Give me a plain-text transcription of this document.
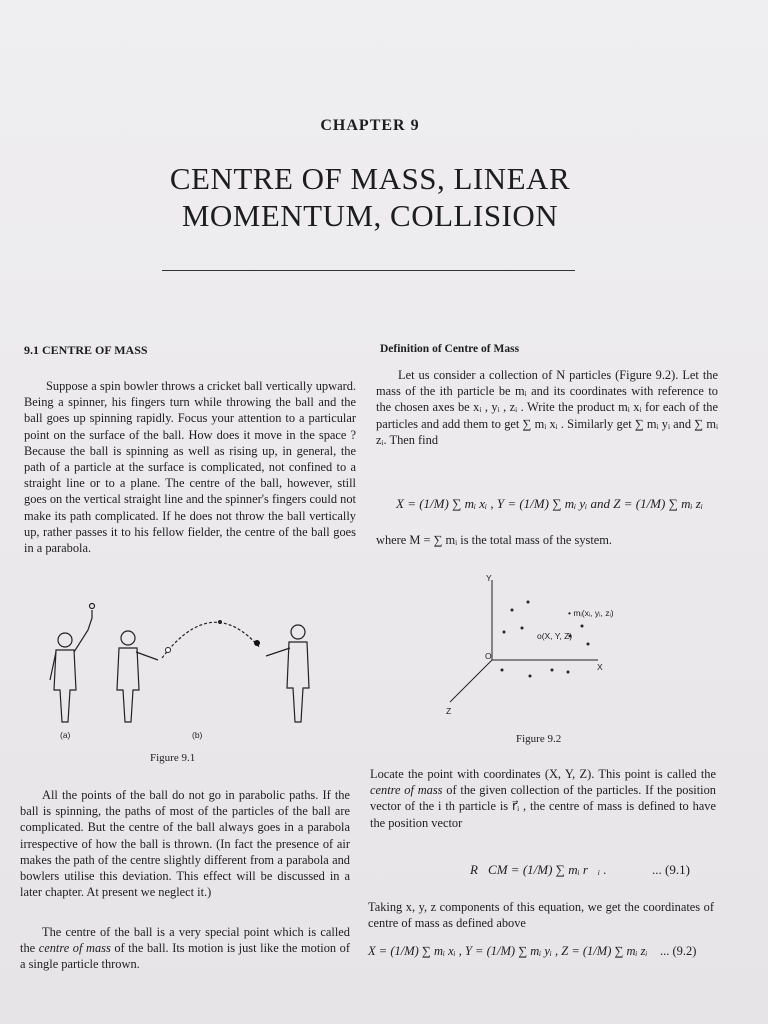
CHAPTER 9
CENTRE OF MASS, LINEAR
MOMENTUM, COLLISION
9.1 CENTRE OF MASS

Suppose a spin bowler throws a cricket ball vertically upward. Being a spinner, his fingers turn while throwing the ball and the ball goes up spinning rapidly. Focus your attention to a particular point on the surface of the ball. How does it move in the space ? Because the ball is spinning as well as rising up, in general, the path of a particle at the surface is complicated, not confined to a straight line or to a plane. The centre of the ball, however, still goes on the vertical straight line and the spinner's fingers could not make its path complicated. If he does not throw the ball vertically up, rather passes it to his fellow fielder, the centre of the ball goes in a parabola.

(a)	(b)
Figure 9.1

All the points of the ball do not go in parabolic paths. If the ball is spinning, the paths of most of the particles of the ball are complicated. But the centre of the ball always goes in a parabola irrespective of how the ball is thrown. (In fact the presence of air makes the path of the centre slightly different from a parabola and bowlers utilise this deviation. This effect will be discussed in a later chapter. At present we neglect it.)

The centre of the ball is a very special point which is called the centre of mass of the ball. Its motion is just like the motion of a single particle thrown.

Definition of Centre of Mass

Let us consider a collection of N particles (Figure 9.2). Let the mass of the ith particle be mᵢ and its coordinates with reference to the chosen axes be xᵢ , yᵢ , zᵢ . Write the product mᵢ xᵢ for each of the particles and add them to get ∑ mᵢ xᵢ . Similarly get ∑ mᵢ yᵢ and ∑ mᵢ zᵢ. Then find

X = (1/M) ∑ mᵢ xᵢ , Y = (1/M) ∑ mᵢ yᵢ and Z = (1/M) ∑ mᵢ zᵢ

where M = ∑ mᵢ is the total mass of the system.

Y
X
Z
O
• mᵢ(xᵢ, yᵢ, zᵢ)
o(X, Y, Z)
Figure 9.2

Locate the point with coordinates (X, Y, Z). This point is called the centre of mass of the given collection of the particles. If the position vector of the i th particle is r⃗ᵢ , the centre of mass is defined to have the position vector

R⃗CM = (1/M) ∑ mᵢ r⃗ᵢ .	... (9.1)

Taking x, y, z components of this equation, we get the coordinates of centre of mass as defined above

X = (1/M) ∑ mᵢ xᵢ , Y = (1/M) ∑ mᵢ yᵢ , Z = (1/M) ∑ mᵢ zᵢ ... (9.2)
